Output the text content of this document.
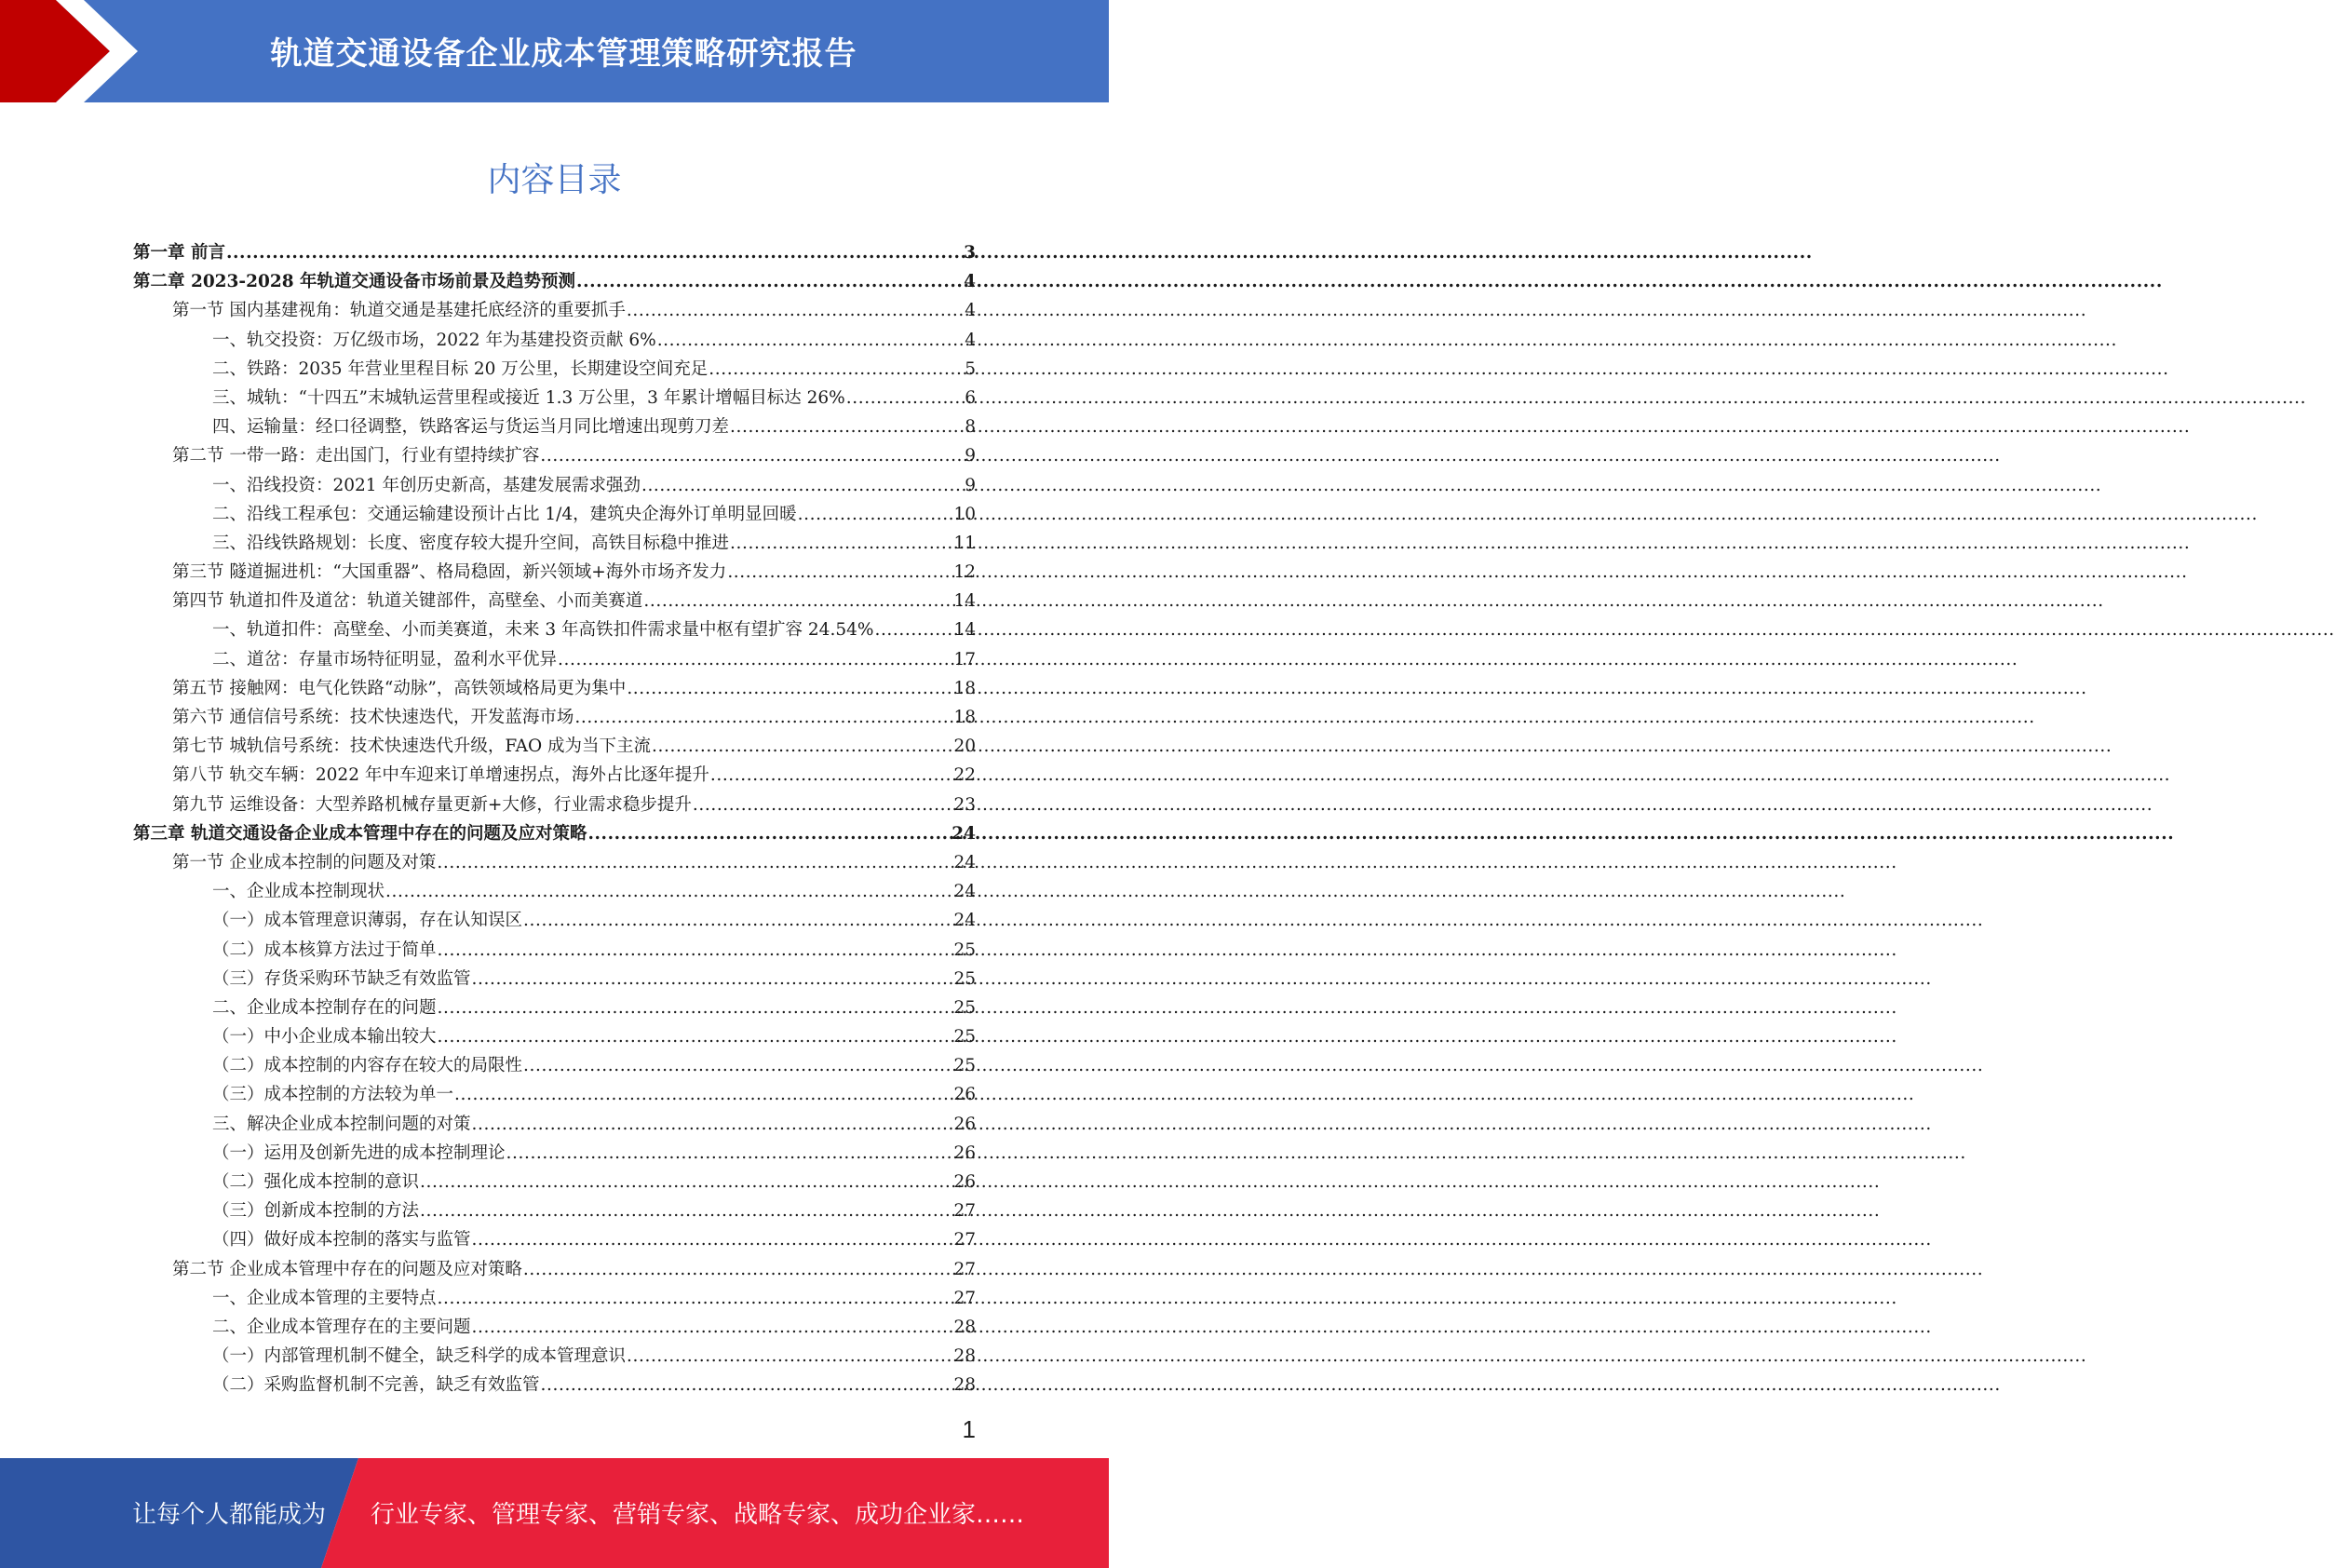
轨道交通设备企业成本管理策略研究报告
内容目录
第一章 前言 .....	3
第二章 2023-2028 年轨道交通设备市场前景及趋势预测 .....	4
第一节 国内基建视角：轨道交通是基建托底经济的重要抓手 .....	4
一、轨交投资：万亿级市场，2022 年为基建投资贡献 6% .....	4
二、铁路：2035 年营业里程目标 20 万公里，长期建设空间充足 .....	5
三、城轨：“十四五”末城轨运营里程或接近 1.3 万公里，3 年累计增幅目标达 26% .....	6
四、运输量：经口径调整，铁路客运与货运当月同比增速出现剪刀差 .....	8
第二节 一带一路：走出国门，行业有望持续扩容 .....	9
一、沿线投资：2021 年创历史新高，基建发展需求强劲 .....	9
二、沿线工程承包：交通运输建设预计占比 1/4，建筑央企海外订单明显回暖 .....	10
三、沿线铁路规划：长度、密度存较大提升空间，高铁目标稳中推进 .....	11
第三节 隧道掘进机：“大国重器”、格局稳固，新兴领域+海外市场齐发力 .....	12
第四节 轨道扣件及道岔：轨道关键部件，高壁垒、小而美赛道 .....	14
一、轨道扣件：高壁垒、小而美赛道，未来 3 年高铁扣件需求量中枢有望扩容 24.54% .....	14
二、道岔：存量市场特征明显，盈利水平优异 .....	17
第五节 接触网：电气化铁路“动脉”，高铁领域格局更为集中 .....	18
第六节 通信信号系统：技术快速迭代，开发蓝海市场 .....	18
第七节 城轨信号系统：技术快速迭代升级，FAO 成为当下主流 .....	20
第八节 轨交车辆：2022 年中车迎来订单增速拐点，海外占比逐年提升 .....	22
第九节 运维设备：大型养路机械存量更新+大修，行业需求稳步提升 .....	23
第三章 轨道交通设备企业成本管理中存在的问题及应对策略 .....	24
第一节 企业成本控制的问题及对策 .....	24
一、企业成本控制现状 .....	24
（一）成本管理意识薄弱，存在认知误区 .....	24
（二）成本核算方法过于简单 .....	25
（三）存货采购环节缺乏有效监管 .....	25
二、企业成本控制存在的问题 .....	25
（一）中小企业成本输出较大 .....	25
（二）成本控制的内容存在较大的局限性 .....	25
（三）成本控制的方法较为单一 .....	26
三、解决企业成本控制问题的对策 .....	26
（一）运用及创新先进的成本控制理论 .....	26
（二）强化成本控制的意识 .....	26
（三）创新成本控制的方法 .....	27
（四）做好成本控制的落实与监管 .....	27
第二节 企业成本管理中存在的问题及应对策略 .....	27
一、企业成本管理的主要特点 .....	27
二、企业成本管理存在的主要问题 .....	28
（一）内部管理机制不健全，缺乏科学的成本管理意识 .....	28
（二）采购监督机制不完善，缺乏有效监管 .....	28
1
让每个人都能成为 行业专家、管理专家、营销专家、战略专家、成功企业家……
